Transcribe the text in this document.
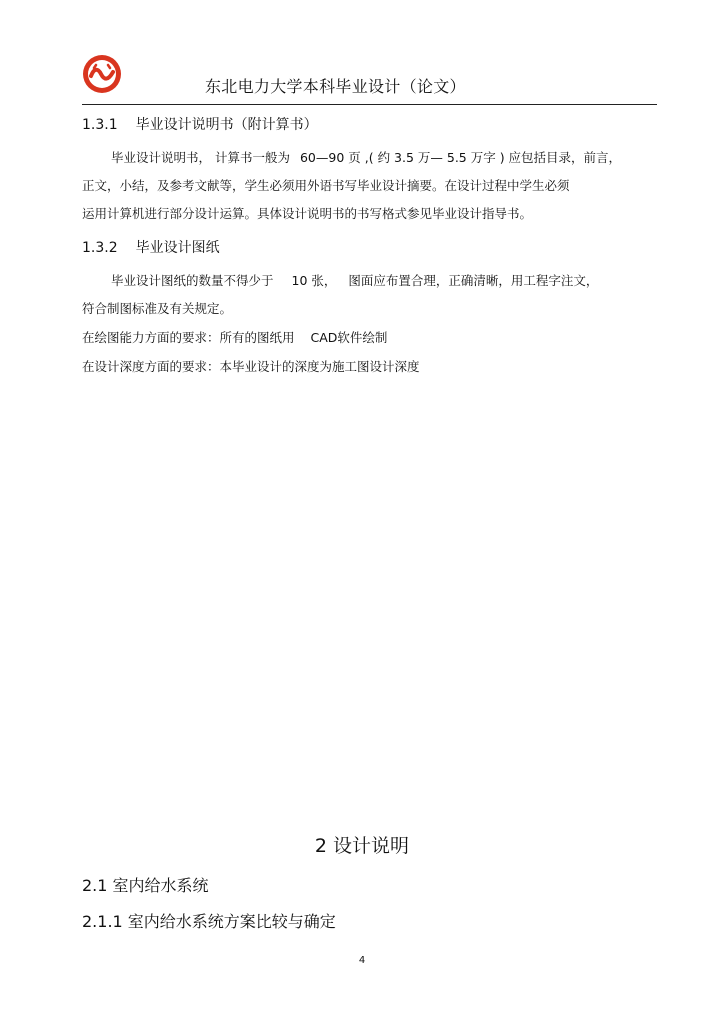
东北电力大学本科毕业设计（论文）
1.3.1 毕业设计说明书（附计算书）
毕业设计说明书， 计算书一般为 60—90 页 ,( 约 3.5 万— 5.5 万字 ) 应包括目录，前言，
正文，小结，及参考文献等，学生必须用外语书写毕业设计摘要。在设计过程中学生必须
运用计算机进行部分设计运算。具体设计说明书的书写格式参见毕业设计指导书。
1.3.2 毕业设计图纸
毕业设计图纸的数量不得少于 10 张， 图面应布置合理，正确清晰，用工程字注文，
符合制图标准及有关规定。
在绘图能力方面的要求：所有的图纸用 CAD软件绘制
在设计深度方面的要求：本毕业设计的深度为施工图设计深度
2 设计说明
2.1 室内给水系统
2.1.1 室内给水系统方案比较与确定
4
